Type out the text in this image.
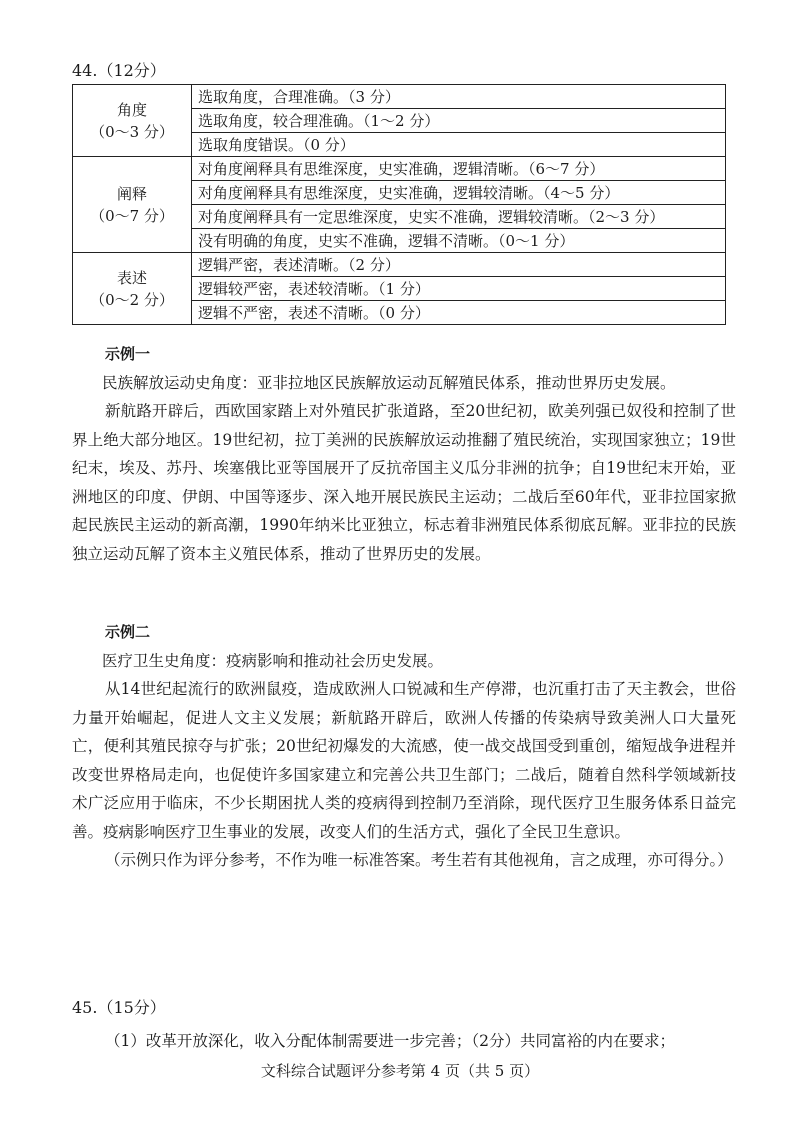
44.（12分）
角度
（0～3 分）	选取角度，合理准确。（3 分）
	选取角度，较合理准确。（1～2 分）
	选取角度错误。（0 分）

阐释
（0～7 分）	对角度阐释具有思维深度，史实准确，逻辑清晰。（6～7 分）
	对角度阐释具有思维深度，史实准确，逻辑较清晰。（4～5 分）
	对角度阐释具有一定思维深度，史实不准确，逻辑较清晰。（2～3 分）
	没有明确的角度，史实不准确，逻辑不清晰。（0～1 分）

表述
（0～2 分）	逻辑严密，表述清晰。（2 分）
	逻辑较严密，表述较清晰。（1 分）
	逻辑不严密，表述不清晰。（0 分）
示例一
民族解放运动史角度：亚非拉地区民族解放运动瓦解殖民体系，推动世界历史发展。
新航路开辟后，西欧国家踏上对外殖民扩张道路，至20世纪初，欧美列强已奴役和控制了世界上绝大部分地区。19世纪初，拉丁美洲的民族解放运动推翻了殖民统治，实现国家独立；19世纪末，埃及、苏丹、埃塞俄比亚等国展开了反抗帝国主义瓜分非洲的抗争；自19世纪末开始，亚洲地区的印度、伊朗、中国等逐步、深入地开展民族民主运动；二战后至60年代，亚非拉国家掀起民族民主运动的新高潮，1990年纳米比亚独立，标志着非洲殖民体系彻底瓦解。亚非拉的民族独立运动瓦解了资本主义殖民体系，推动了世界历史的发展。
示例二
医疗卫生史角度：疫病影响和推动社会历史发展。
从14世纪起流行的欧洲鼠疫，造成欧洲人口锐减和生产停滞，也沉重打击了天主教会，世俗力量开始崛起，促进人文主义发展；新航路开辟后，欧洲人传播的传染病导致美洲人口大量死亡，便利其殖民掠夺与扩张；20世纪初爆发的大流感，使一战交战国受到重创，缩短战争进程并改变世界格局走向，也促使许多国家建立和完善公共卫生部门；二战后，随着自然科学领域新技术广泛应用于临床，不少长期困扰人类的疫病得到控制乃至消除，现代医疗卫生服务体系日益完善。疫病影响医疗卫生事业的发展，改变人们的生活方式，强化了全民卫生意识。
（示例只作为评分参考，不作为唯一标准答案。考生若有其他视角，言之成理，亦可得分。）
45.（15分）
（1）改革开放深化，收入分配体制需要进一步完善；（2分）共同富裕的内在要求；
文科综合试题评分参考第 4 页（共 5 页）
